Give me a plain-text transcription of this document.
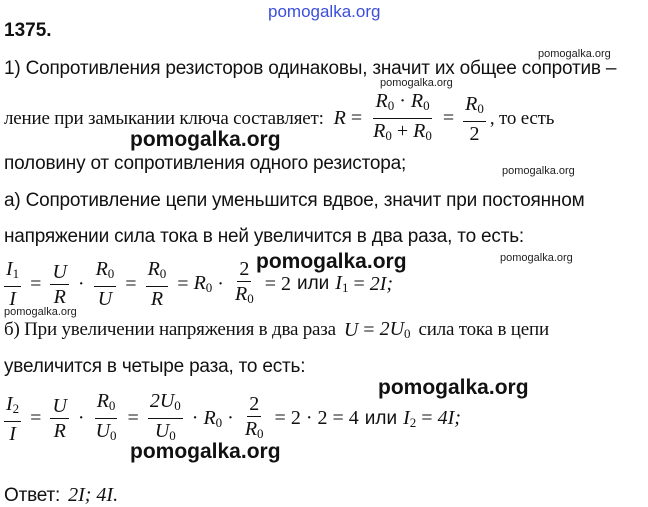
pomogalka.org
pomogalka.org
pomogalka.org
pomogalka.org
pomogalka.org
pomogalka.org	pomogalka.org
pomogalka.org
pomogalka.org
pomogalka.org
1375.
1) Сопротивления резисторов одинаковы, значит их общее сопротив –
ление при замыкании ключа составляет: $R = \frac{R_0 \cdot R_0}{R_0 + R_0} = \frac{R_0}{2}$ , то есть
половину от сопротивления одного резистора;
а) Сопротивление цепи уменьшится вдвое, значит при постоянном
напряжении сила тока в ней увеличится в два раза, то есть:
$\frac{I_1}{I} = \frac{U}{R} \cdot \frac{R_0}{U} = \frac{R_0}{R} = R_0 \cdot \frac{2}{R_0} = 2$ или $I_1 = 2I$;
б) При увеличении напряжения в два раза $U = 2U_0$ сила тока в цепи
увеличится в четыре раза, то есть:
$\frac{I_2}{I} = \frac{U}{R} \cdot \frac{R_0}{U_0} = \frac{2U_0}{U_0} \cdot R_0 \cdot \frac{2}{R_0} = 2 \cdot 2 = 4$ или $I_2 = 4I$;
Ответ: 2I; 4I.
